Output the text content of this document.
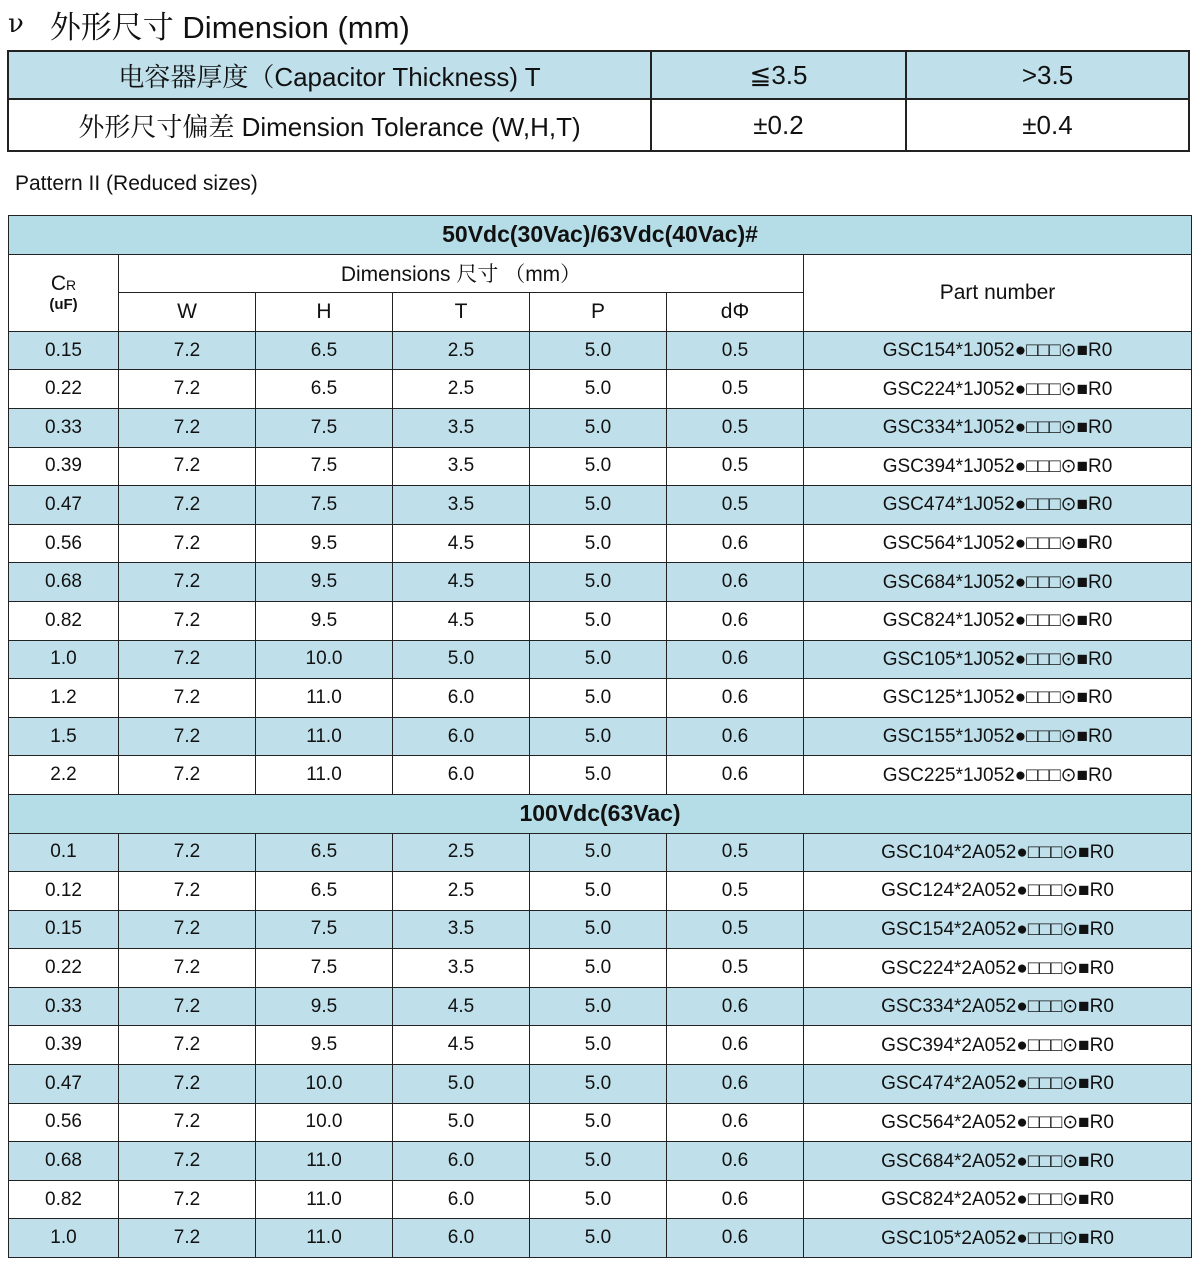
ν 外形尺寸 Dimension (mm)
电容器厚度（Capacitor Thickness) T	≦3.5	>3.5
外形尺寸偏差 Dimension Tolerance (W,H,T)	±0.2	±0.4
Pattern II (Reduced sizes)
50Vdc(30Vac)/63Vdc(40Vac)#						

CR
(uF)	Dimensions 尺寸 （mm）					Part number
	W	H	T	P	dΦ	
0.15	7.2	6.5	2.5	5.0	0.5	GSC154*1J052●□□□⊙■R0
0.22	7.2	6.5	2.5	5.0	0.5	GSC224*1J052●□□□⊙■R0
0.33	7.2	7.5	3.5	5.0	0.5	GSC334*1J052●□□□⊙■R0
0.39	7.2	7.5	3.5	5.0	0.5	GSC394*1J052●□□□⊙■R0
0.47	7.2	7.5	3.5	5.0	0.5	GSC474*1J052●□□□⊙■R0
0.56	7.2	9.5	4.5	5.0	0.6	GSC564*1J052●□□□⊙■R0
0.68	7.2	9.5	4.5	5.0	0.6	GSC684*1J052●□□□⊙■R0
0.82	7.2	9.5	4.5	5.0	0.6	GSC824*1J052●□□□⊙■R0
1.0	7.2	10.0	5.0	5.0	0.6	GSC105*1J052●□□□⊙■R0
1.2	7.2	11.0	6.0	5.0	0.6	GSC125*1J052●□□□⊙■R0
1.5	7.2	11.0	6.0	5.0	0.6	GSC155*1J052●□□□⊙■R0
2.2	7.2	11.0	6.0	5.0	0.6	GSC225*1J052●□□□⊙■R0
100Vdc(63Vac)						
0.1	7.2	6.5	2.5	5.0	0.5	GSC104*2A052●□□□⊙■R0
0.12	7.2	6.5	2.5	5.0	0.5	GSC124*2A052●□□□⊙■R0
0.15	7.2	7.5	3.5	5.0	0.5	GSC154*2A052●□□□⊙■R0
0.22	7.2	7.5	3.5	5.0	0.5	GSC224*2A052●□□□⊙■R0
0.33	7.2	9.5	4.5	5.0	0.6	GSC334*2A052●□□□⊙■R0
0.39	7.2	9.5	4.5	5.0	0.6	GSC394*2A052●□□□⊙■R0
0.47	7.2	10.0	5.0	5.0	0.6	GSC474*2A052●□□□⊙■R0
0.56	7.2	10.0	5.0	5.0	0.6	GSC564*2A052●□□□⊙■R0
0.68	7.2	11.0	6.0	5.0	0.6	GSC684*2A052●□□□⊙■R0
0.82	7.2	11.0	6.0	5.0	0.6	GSC824*2A052●□□□⊙■R0
1.0	7.2	11.0	6.0	5.0	0.6	GSC105*2A052●□□□⊙■R0
